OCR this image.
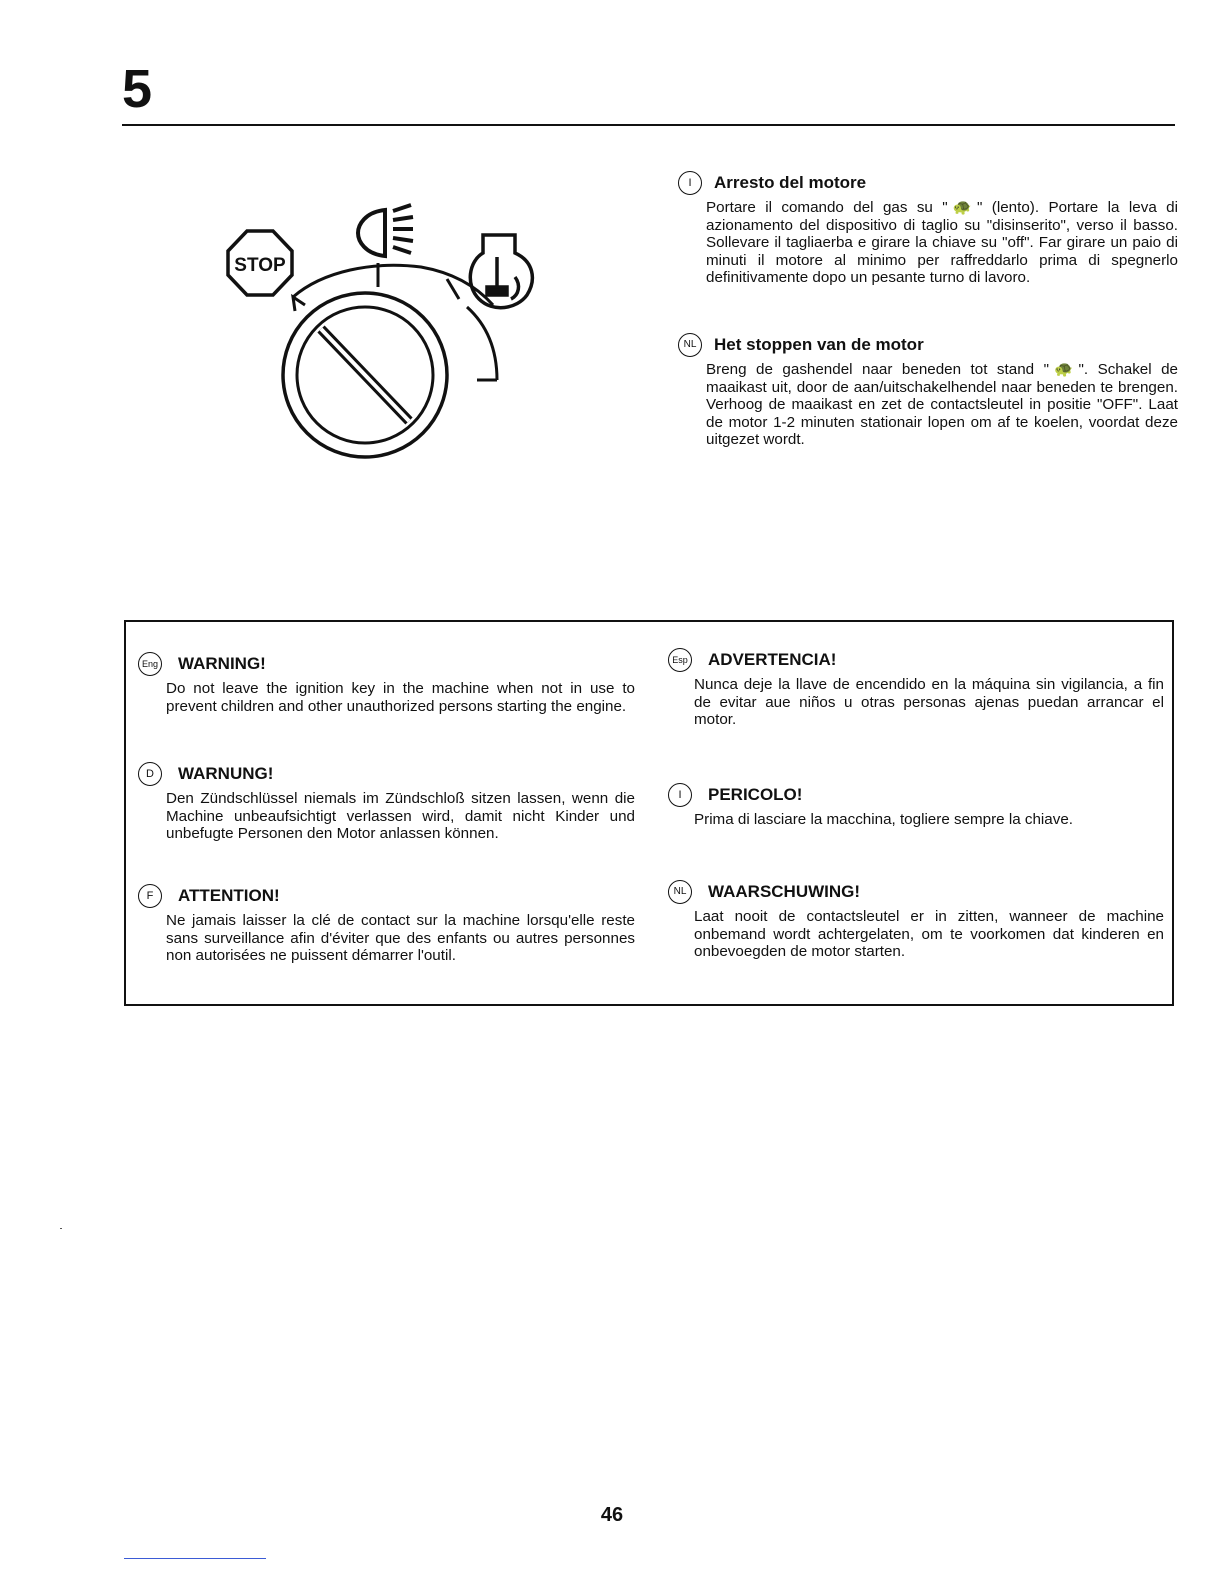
5
STOP
I Arresto del motore
Portare il comando del gas su "🐢" (lento). Portare la leva di azionamento del dispositivo di taglio su "disinserito", verso il basso. Sollevare il tagliaerba e girare la chiave su "off". Far girare un paio di minuti il motore al minimo per raffreddarlo prima di spegnerlo definitivamente dopo un pesante turno di lavoro.
NL Het stoppen van de motor
Breng de gashendel naar beneden tot stand "🐢". Schakel de maaikast uit, door de aan/uitschakelhendel naar beneden te brengen. Verhoog de maaikast en zet de contactsleutel in positie "OFF". Laat de motor 1-2 minuten stationair lopen om af te koelen, voordat deze uitgezet wordt.
Eng WARNING!
Do not leave the ignition key in the machine when not in use to prevent children and other unauthorized persons starting the engine.
D WARNUNG!
Den Zündschlüssel niemals im Zündschloß sitzen lassen, wenn die Machine unbeaufsichtigt verlassen wird, damit nicht Kinder und unbefugte Personen den Motor anlassen können.
F ATTENTION!
Ne jamais laisser la clé de contact sur la machine lorsqu'elle reste sans surveillance afin d'éviter que des enfants ou autres personnes non autorisées ne puissent démarrer l'outil.
Esp ADVERTENCIA!
Nunca deje la llave de encendido en la máquina sin vigilancia, a fin de evitar aue niños u otras personas ajenas puedan arrancar el motor.
I PERICOLO!
Prima di lasciare la macchina, togliere sempre la chiave.
NL WAARSCHUWING!
Laat nooit de contactsleutel er in zitten, wanneer de machine onbemand wordt achtergelaten, om te voorkomen dat kinderen en onbevoegden de motor starten.
46
